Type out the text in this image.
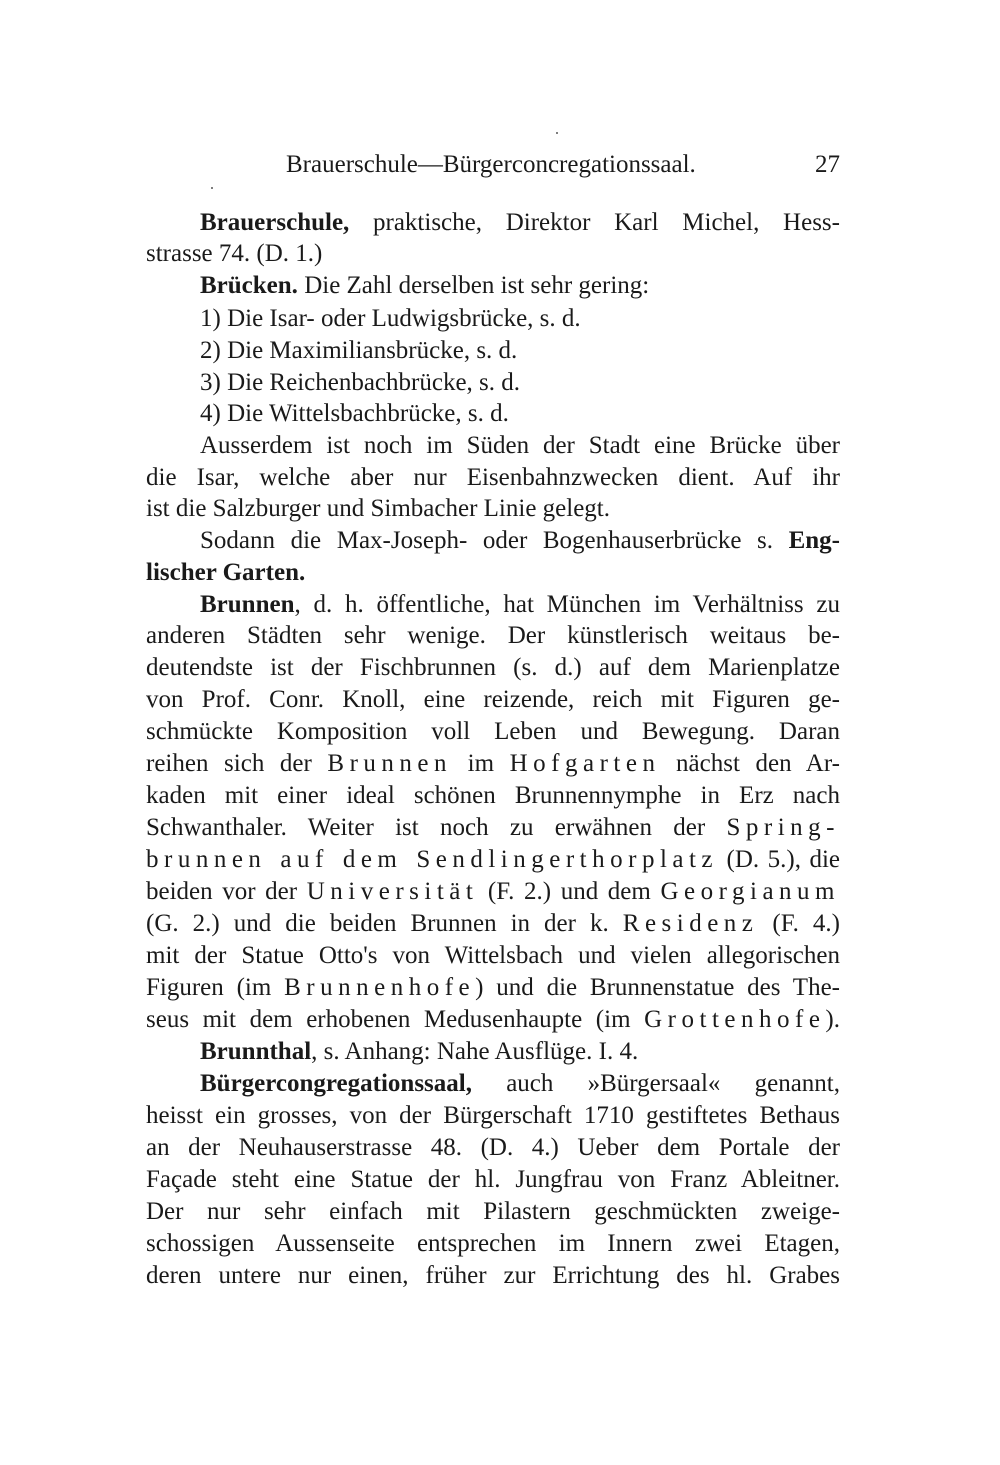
Brauerschule—Bürgerconcregationssaal.	27
Brauerschule, praktische, Direktor Karl Michel, Hess-
strasse 74. (D. 1.)
Brücken. Die Zahl derselben ist sehr gering:
1) Die Isar- oder Ludwigsbrücke, s. d.
2) Die Maximiliansbrücke, s. d.
3) Die Reichenbachbrücke, s. d.
4) Die Wittelsbachbrücke, s. d.
Ausserdem ist noch im Süden der Stadt eine Brücke über
die Isar, welche aber nur Eisenbahnzwecken dient. Auf ihr
ist die Salzburger und Simbacher Linie gelegt.
Sodann die Max-Joseph- oder Bogenhauserbrücke s. Eng-
lischer Garten.
Brunnen, d. h. öffentliche, hat München im Verhältniss zu
anderen Städten sehr wenige. Der künstlerisch weitaus be-
deutendste ist der Fischbrunnen (s. d.) auf dem Marienplatze
von Prof. Conr. Knoll, eine reizende, reich mit Figuren ge-
schmückte Komposition voll Leben und Bewegung. Daran
reihen sich der Brunnen im Hofgarten nächst den Ar-
kaden mit einer ideal schönen Brunnennymphe in Erz nach
Schwanthaler. Weiter ist noch zu erwähnen der Spring-
brunnen auf dem Sendlingerthorplatz (D. 5.), die
beiden vor der Universität (F. 2.) und dem Georgianum
(G. 2.) und die beiden Brunnen in der k. Residenz (F. 4.)
mit der Statue Otto's von Wittelsbach und vielen allegorischen
Figuren (im Brunnenhofe) und die Brunnenstatue des The-
seus mit dem erhobenen Medusenhaupte (im Grottenhofe).
Brunnthal, s. Anhang: Nahe Ausflüge. I. 4.
Bürgercongregationssaal, auch »Bürgersaal« genannt,
heisst ein grosses, von der Bürgerschaft 1710 gestiftetes Bethaus
an der Neuhauserstrasse 48. (D. 4.) Ueber dem Portale der
Façade steht eine Statue der hl. Jungfrau von Franz Ableitner.
Der nur sehr einfach mit Pilastern geschmückten zweige-
schossigen Aussenseite entsprechen im Innern zwei Etagen,
deren untere nur einen, früher zur Errichtung des hl. Grabes
